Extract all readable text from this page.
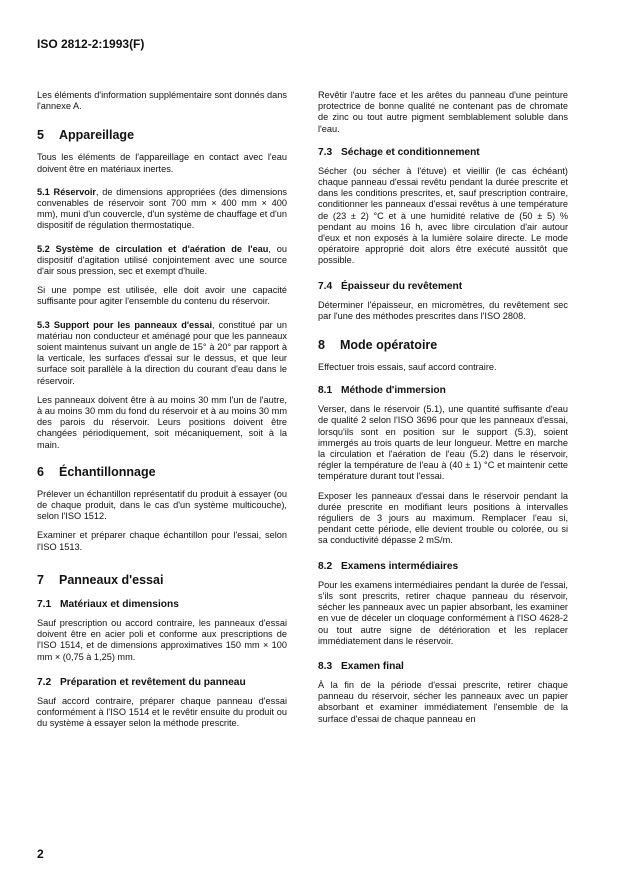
ISO 2812-2:1993(F)

Les éléments d'information supplémentaire sont donnés dans l'annexe A.

5 Appareillage

Tous les éléments de l'appareillage en contact avec l'eau doivent être en matériaux inertes.

5.1 Réservoir, de dimensions appropriées (des dimensions convenables de réservoir sont 700 mm × 400 mm × 400 mm), muni d'un couvercle, d'un système de chauffage et d'un dispositif de régulation thermostatique.

5.2 Système de circulation et d'aération de l'eau, ou dispositif d'agitation utilisé conjointement avec une source d'air sous pression, sec et exempt d'huile.

Si une pompe est utilisée, elle doit avoir une capacité suffisante pour agiter l'ensemble du contenu du réservoir.

5.3 Support pour les panneaux d'essai, constitué par un matériau non conducteur et aménagé pour que les panneaux soient maintenus suivant un angle de 15° à 20° par rapport à la verticale, les surfaces d'essai sur le dessus, et que leur surface soit parallèle à la direction du courant d'eau dans le réservoir.

Les panneaux doivent être à au moins 30 mm l'un de l'autre, à au moins 30 mm du fond du réservoir et à au moins 30 mm des parois du réservoir. Leurs positions doivent être changées périodiquement, soit mécaniquement, soit à la main.

6 Échantillonnage

Prélever un échantillon représentatif du produit à essayer (ou de chaque produit, dans le cas d'un système multicouche), selon l'ISO 1512.

Examiner et préparer chaque échantillon pour l'essai, selon l'ISO 1513.

7 Panneaux d'essai
7.1 Matériaux et dimensions

Sauf prescription ou accord contraire, les panneaux d'essai doivent être en acier poli et conforme aux prescriptions de l'ISO 1514, et de dimensions approximatives 150 mm × 100 mm × (0,75 à 1,25) mm.

7.2 Préparation et revêtement du panneau

Sauf accord contraire, préparer chaque panneau d'essai conformément à l'ISO 1514 et le revêtir ensuite du produit ou du système à essayer selon la méthode prescrite.

Revêtir l'autre face et les arêtes du panneau d'une peinture protectrice de bonne qualité ne contenant pas de chromate de zinc ou tout autre pigment semblablement soluble dans l'eau.

7.3 Séchage et conditionnement

Sécher (ou sécher à l'étuve) et vieillir (le cas échéant) chaque panneau d'essai revêtu pendant la durée prescrite et dans les conditions prescrites, et, sauf prescription contraire, conditionner les panneaux d'essai revêtus à une température de (23 ± 2) °C et à une humidité relative de (50 ± 5) % pendant au moins 16 h, avec libre circulation d'air autour d'eux et non exposés à la lumière solaire directe. Le mode opératoire approprié doit alors être exécuté aussitôt que possible.

7.4 Épaisseur du revêtement

Déterminer l'épaisseur, en micromètres, du revêtement sec par l'une des méthodes prescrites dans l'ISO 2808.

8 Mode opératoire

Effectuer trois essais, sauf accord contraire.

8.1 Méthode d'immersion

Verser, dans le réservoir (5.1), une quantité suffisante d'eau de qualité 2 selon l'ISO 3696 pour que les panneaux d'essai, lorsqu'ils sont en position sur le support (5.3), soient immergés au trois quarts de leur longueur. Mettre en marche la circulation et l'aération de l'eau (5.2) dans le réservoir, régler la température de l'eau à (40 ± 1) °C et maintenir cette température durant tout l'essai.

Exposer les panneaux d'essai dans le réservoir pendant la durée prescrite en modifiant leurs positions à intervalles réguliers de 3 jours au maximum. Remplacer l'eau si, pendant cette période, elle devient trouble ou colorée, ou si sa conductivité dépasse 2 mS/m.

8.2 Examens intermédiaires

Pour les examens intermédiaires pendant la durée de l'essai, s'ils sont prescrits, retirer chaque panneau du réservoir, sécher les panneaux avec un papier absorbant, les examiner en vue de déceler un cloquage conformément à l'ISO 4628-2 ou tout autre signe de détérioration et les replacer immédiatement dans le réservoir.

8.3 Examen final

À la fin de la période d'essai prescrite, retirer chaque panneau du réservoir, sécher les panneaux avec un papier absorbant et examiner immédiatement l'ensemble de la surface d'essai de chaque panneau en

2
